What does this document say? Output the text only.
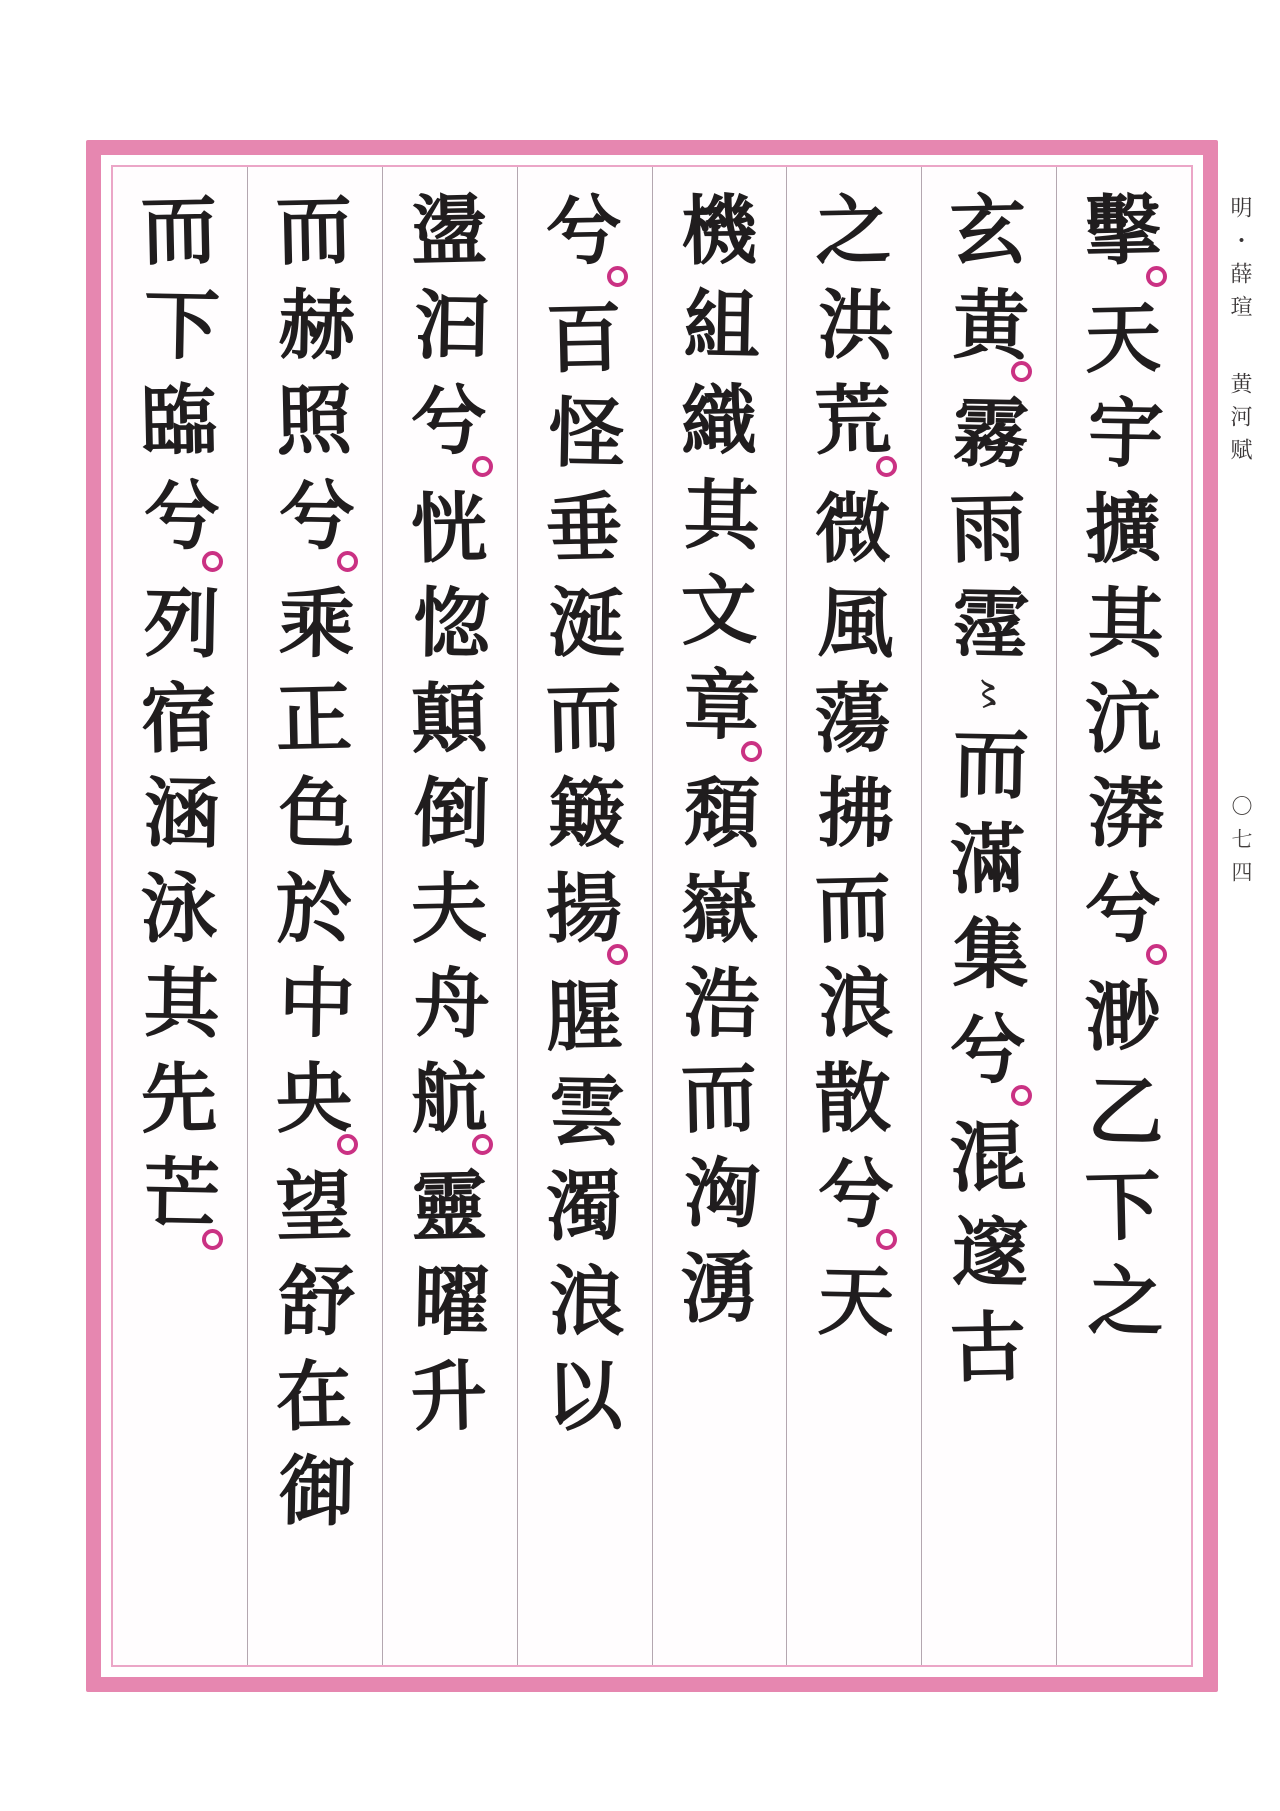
擊
天
宇
擴
其
沆
漭
兮
渺
乙
下
之
玄
黄
霧
雨
霪
〻
而
滿
集
兮
混
邃
古
之
洪
荒
微
風
蕩
拂
而
浪
散
兮
天
機
組
織
其
文
章
頽
嶽
浩
而
洶
湧
兮
百
怪
垂
涎
而
簸
揚
腥
雲
濁
浪
以
盪
汩
兮
恍
惚
顛
倒
夫
舟
航
靈
曜
升
而
赫
照
兮
乘
正
色
於
中
央
望
舒
在
御
而
下
臨
兮
列
宿
涵
泳
其
先
芒
明・薛瑄
黄河赋
〇七四
